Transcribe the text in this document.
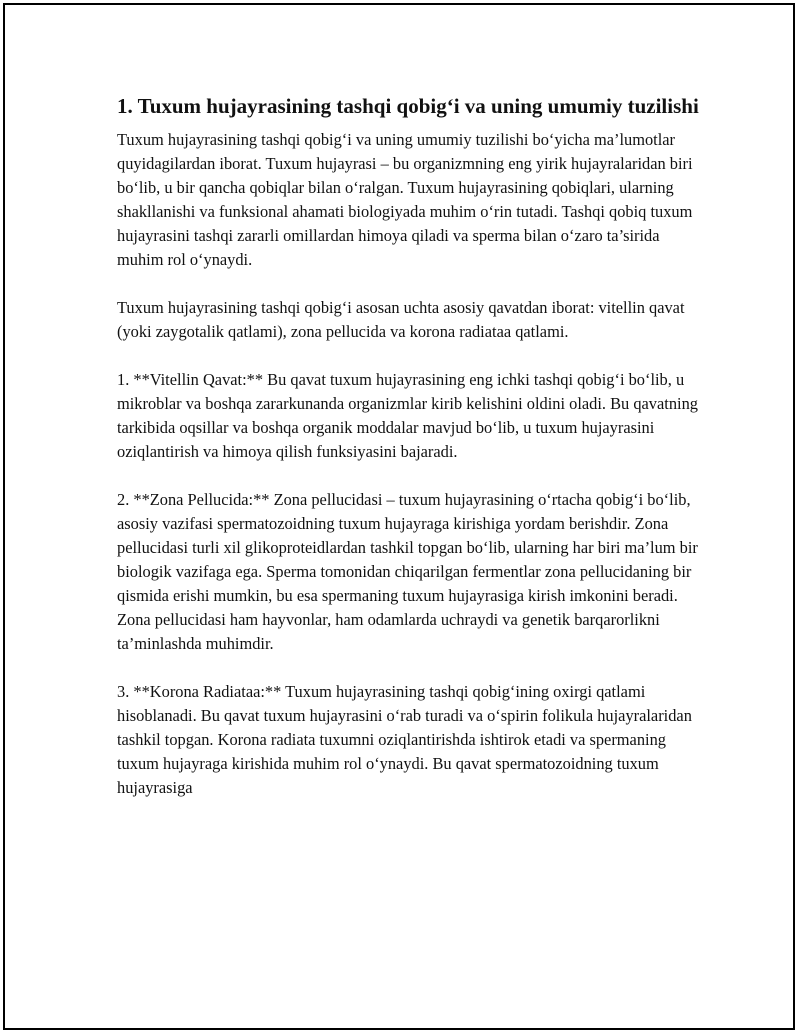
1. Tuxum hujayrasining tashqi qobig‘i va uning umumiy tuzilishi

Tuxum hujayrasining tashqi qobig‘i va uning umumiy tuzilishi bo‘yicha ma’lumotlar quyidagilardan iborat. Tuxum hujayrasi – bu organizmning eng yirik hujayralaridan biri bo‘lib, u bir qancha qobiqlar bilan o‘ralgan. Tuxum hujayrasining qobiqlari, ularning shakllanishi va funksional ahamati biologiyada muhim o‘rin tutadi. Tashqi qobiq tuxum hujayrasini tashqi zararli omillardan himoya qiladi va sperma bilan o‘zaro ta’sirida muhim rol o‘ynaydi.

Tuxum hujayrasining tashqi qobig‘i asosan uchta asosiy qavatdan iborat: vitellin qavat (yoki zaygotalik qatlami), zona pellucida va korona radiataa qatlami.

1. **Vitellin Qavat:** Bu qavat tuxum hujayrasining eng ichki tashqi qobig‘i bo‘lib, u mikroblar va boshqa zararkunanda organizmlar kirib kelishini oldini oladi. Bu qavatning tarkibida oqsillar va boshqa organik moddalar mavjud bo‘lib, u tuxum hujayrasini oziqlantirish va himoya qilish funksiyasini bajaradi.

2. **Zona Pellucida:** Zona pellucidasi – tuxum hujayrasining o‘rtacha qobig‘i bo‘lib, asosiy vazifasi spermatozoidning tuxum hujayraga kirishiga yordam berishdir. Zona pellucidasi turli xil glikoproteidlardan tashkil topgan bo‘lib, ularning har biri ma’lum bir biologik vazifaga ega. Sperma tomonidan chiqarilgan fermentlar zona pellucidaning bir qismida erishi mumkin, bu esa spermaning tuxum hujayrasiga kirish imkonini beradi. Zona pellucidasi ham hayvonlar, ham odamlarda uchraydi va genetik barqarorlikni ta’minlashda muhimdir.

3. **Korona Radiataa:** Tuxum hujayrasining tashqi qobig‘ining oxirgi qatlami hisoblanadi. Bu qavat tuxum hujayrasini o‘rab turadi va o‘spirin folikula hujayralaridan tashkil topgan. Korona radiata tuxumni oziqlantirishda ishtirok etadi va spermaning tuxum hujayraga kirishida muhim rol o‘ynaydi. Bu qavat spermatozoidning tuxum hujayrasiga
